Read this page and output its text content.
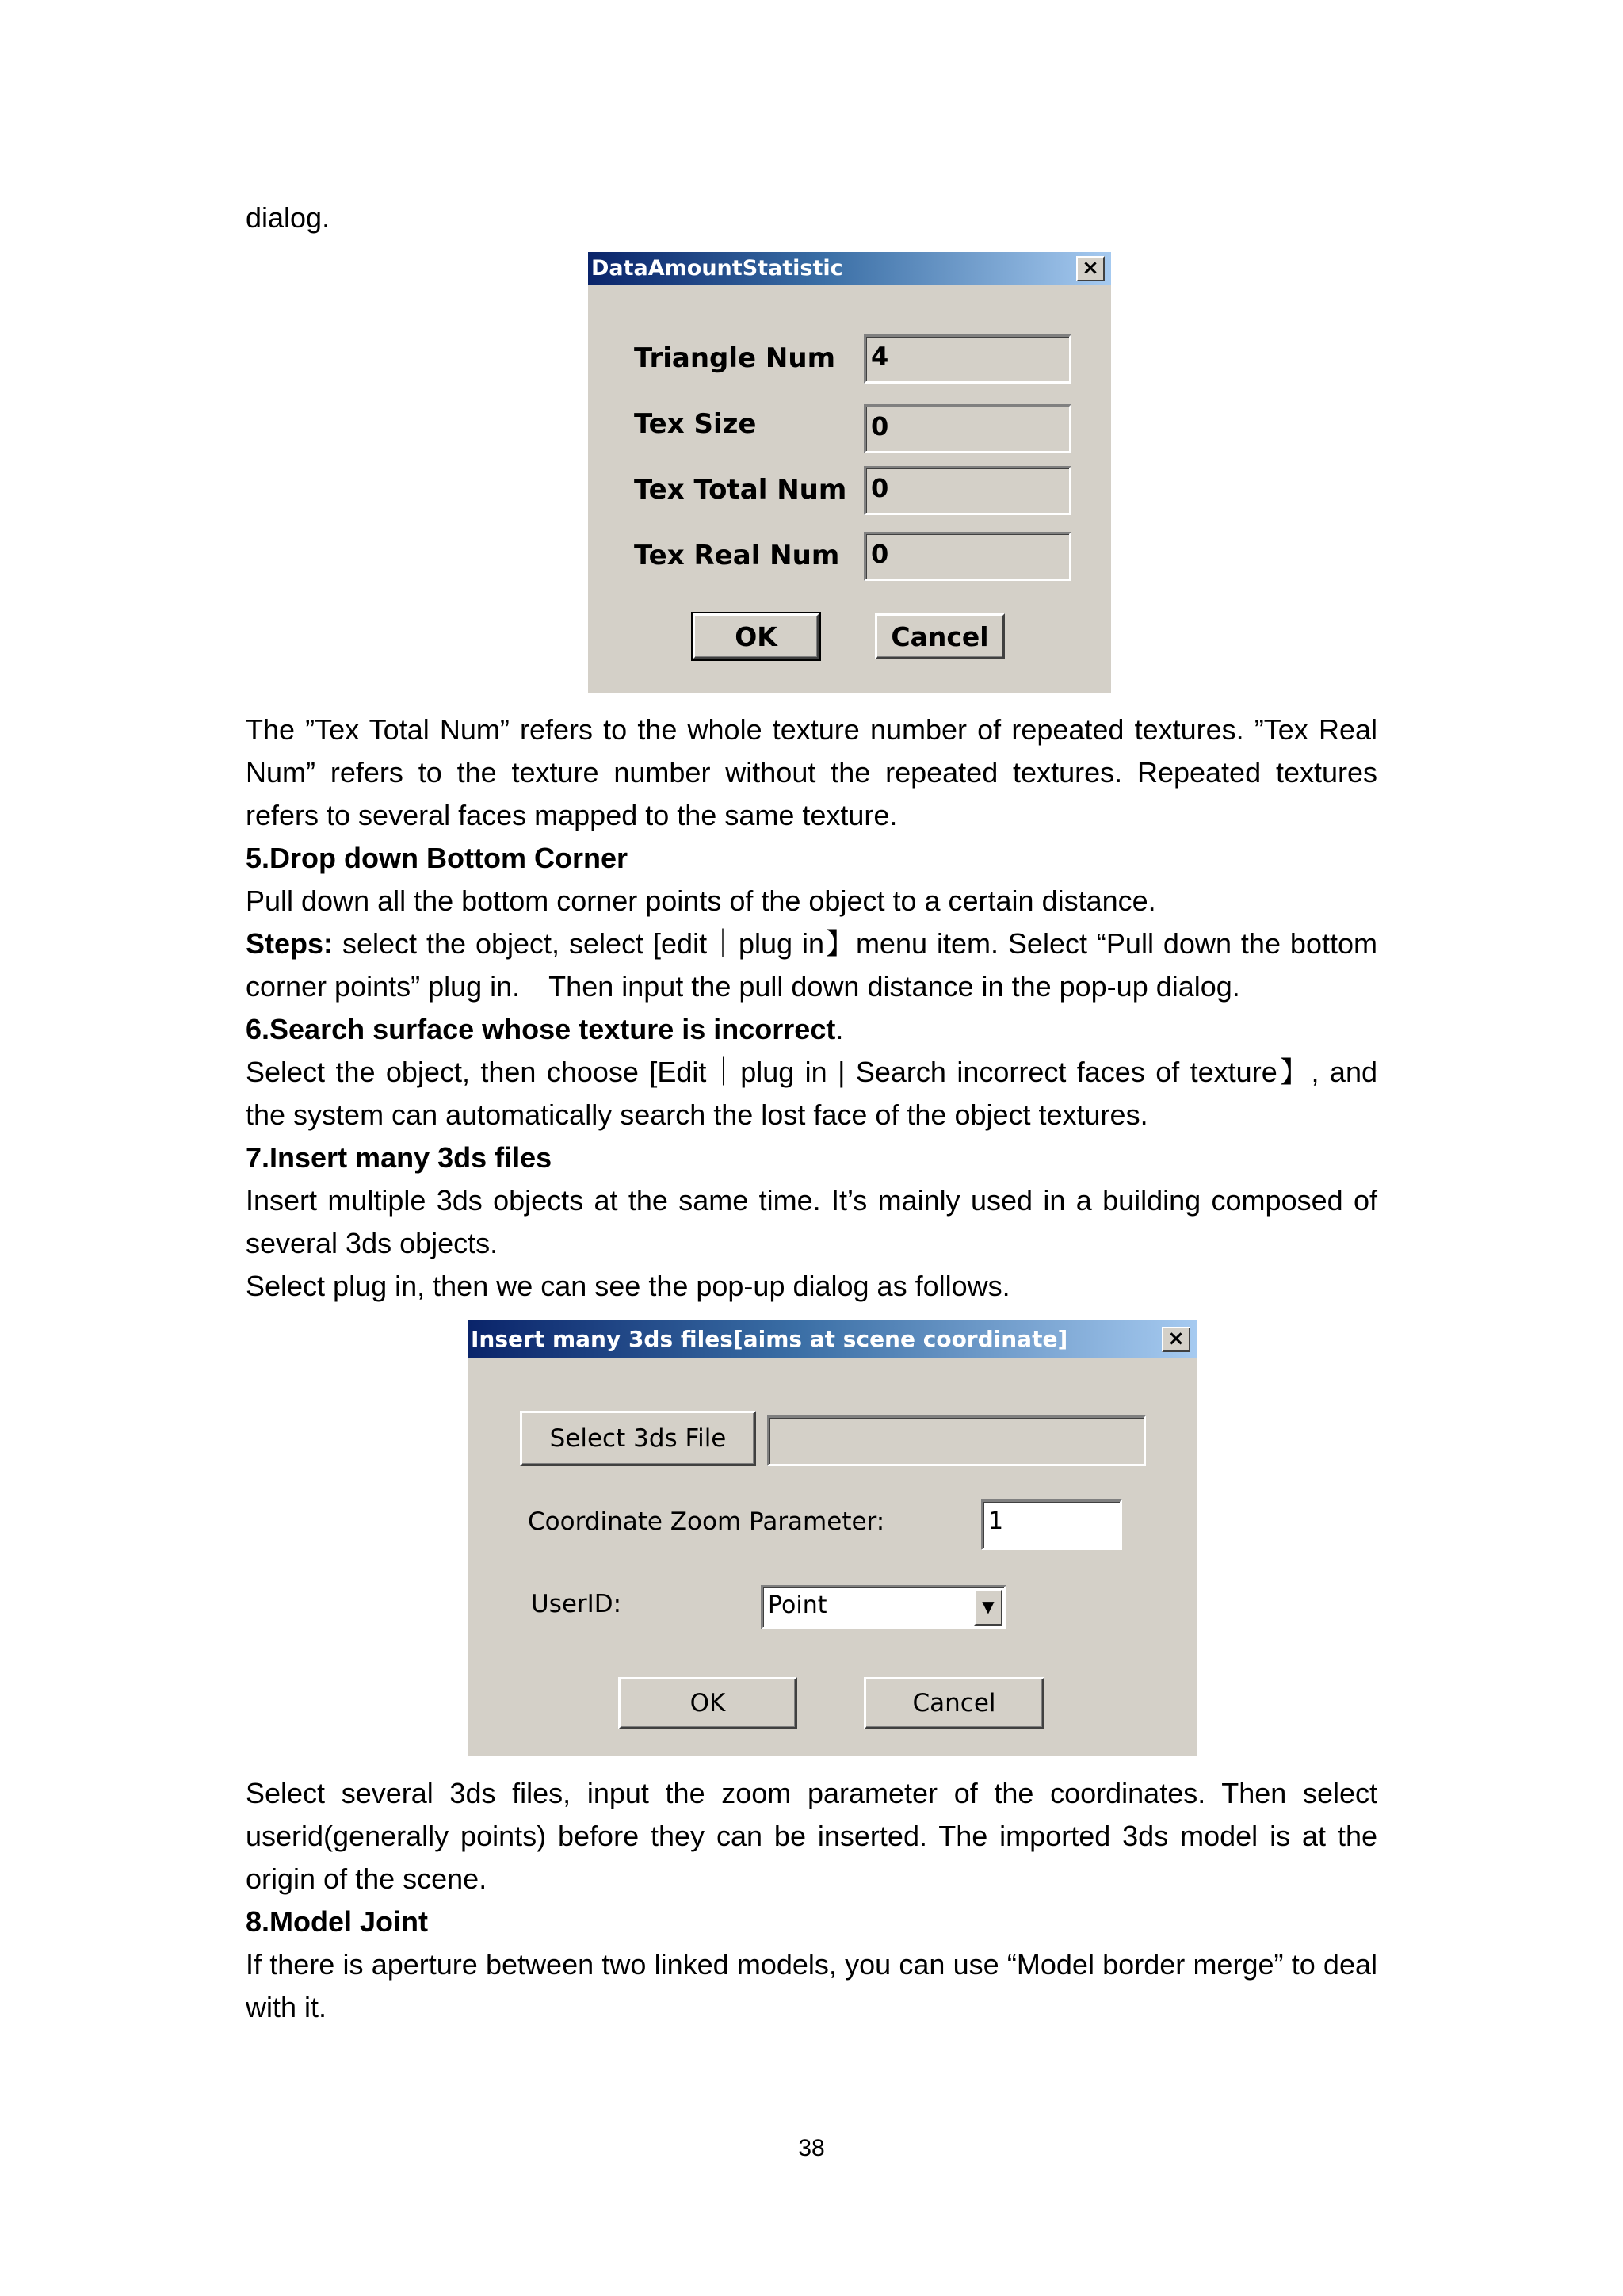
dialog.

DataAmountStatistic	×
Triangle Num 4
Tex Size	0
Tex Total Num 0
Tex Real Num 0
OK	Cancel

The ”Tex Total Num” refers to the whole texture number of repeated textures. ”Tex Real Num” refers to the texture number without the repeated textures. Repeated textures refers to several faces mapped to the same texture.

5.Drop down Bottom Corner

Pull down all the bottom corner points of the object to a certain distance.

Steps: select the object, select [edit｜plug in】menu item. Select “Pull down the bottom corner points” plug in.　Then input the pull down distance in the pop-up dialog.

6.Search surface whose texture is incorrect.

Select the object, then choose [Edit｜plug in | Search incorrect faces of texture】, and the system can automatically search the lost face of the object textures.

7.Insert many 3ds files

Insert multiple 3ds objects at the same time. It’s mainly used in a building composed of several 3ds objects.

Select plug in, then we can see the pop-up dialog as follows.

Insert many 3ds files[aims at scene coordinate]	×
Select 3ds File
Coordinate Zoom Parameter:	1
UserID:	Point	▼
OK	Cancel

Select several 3ds files, input the zoom parameter of the coordinates. Then select userid(generally points) before they can be inserted. The imported 3ds model is at the origin of the scene.

8.Model Joint

If there is aperture between two linked models, you can use “Model border merge” to deal with it.

38
